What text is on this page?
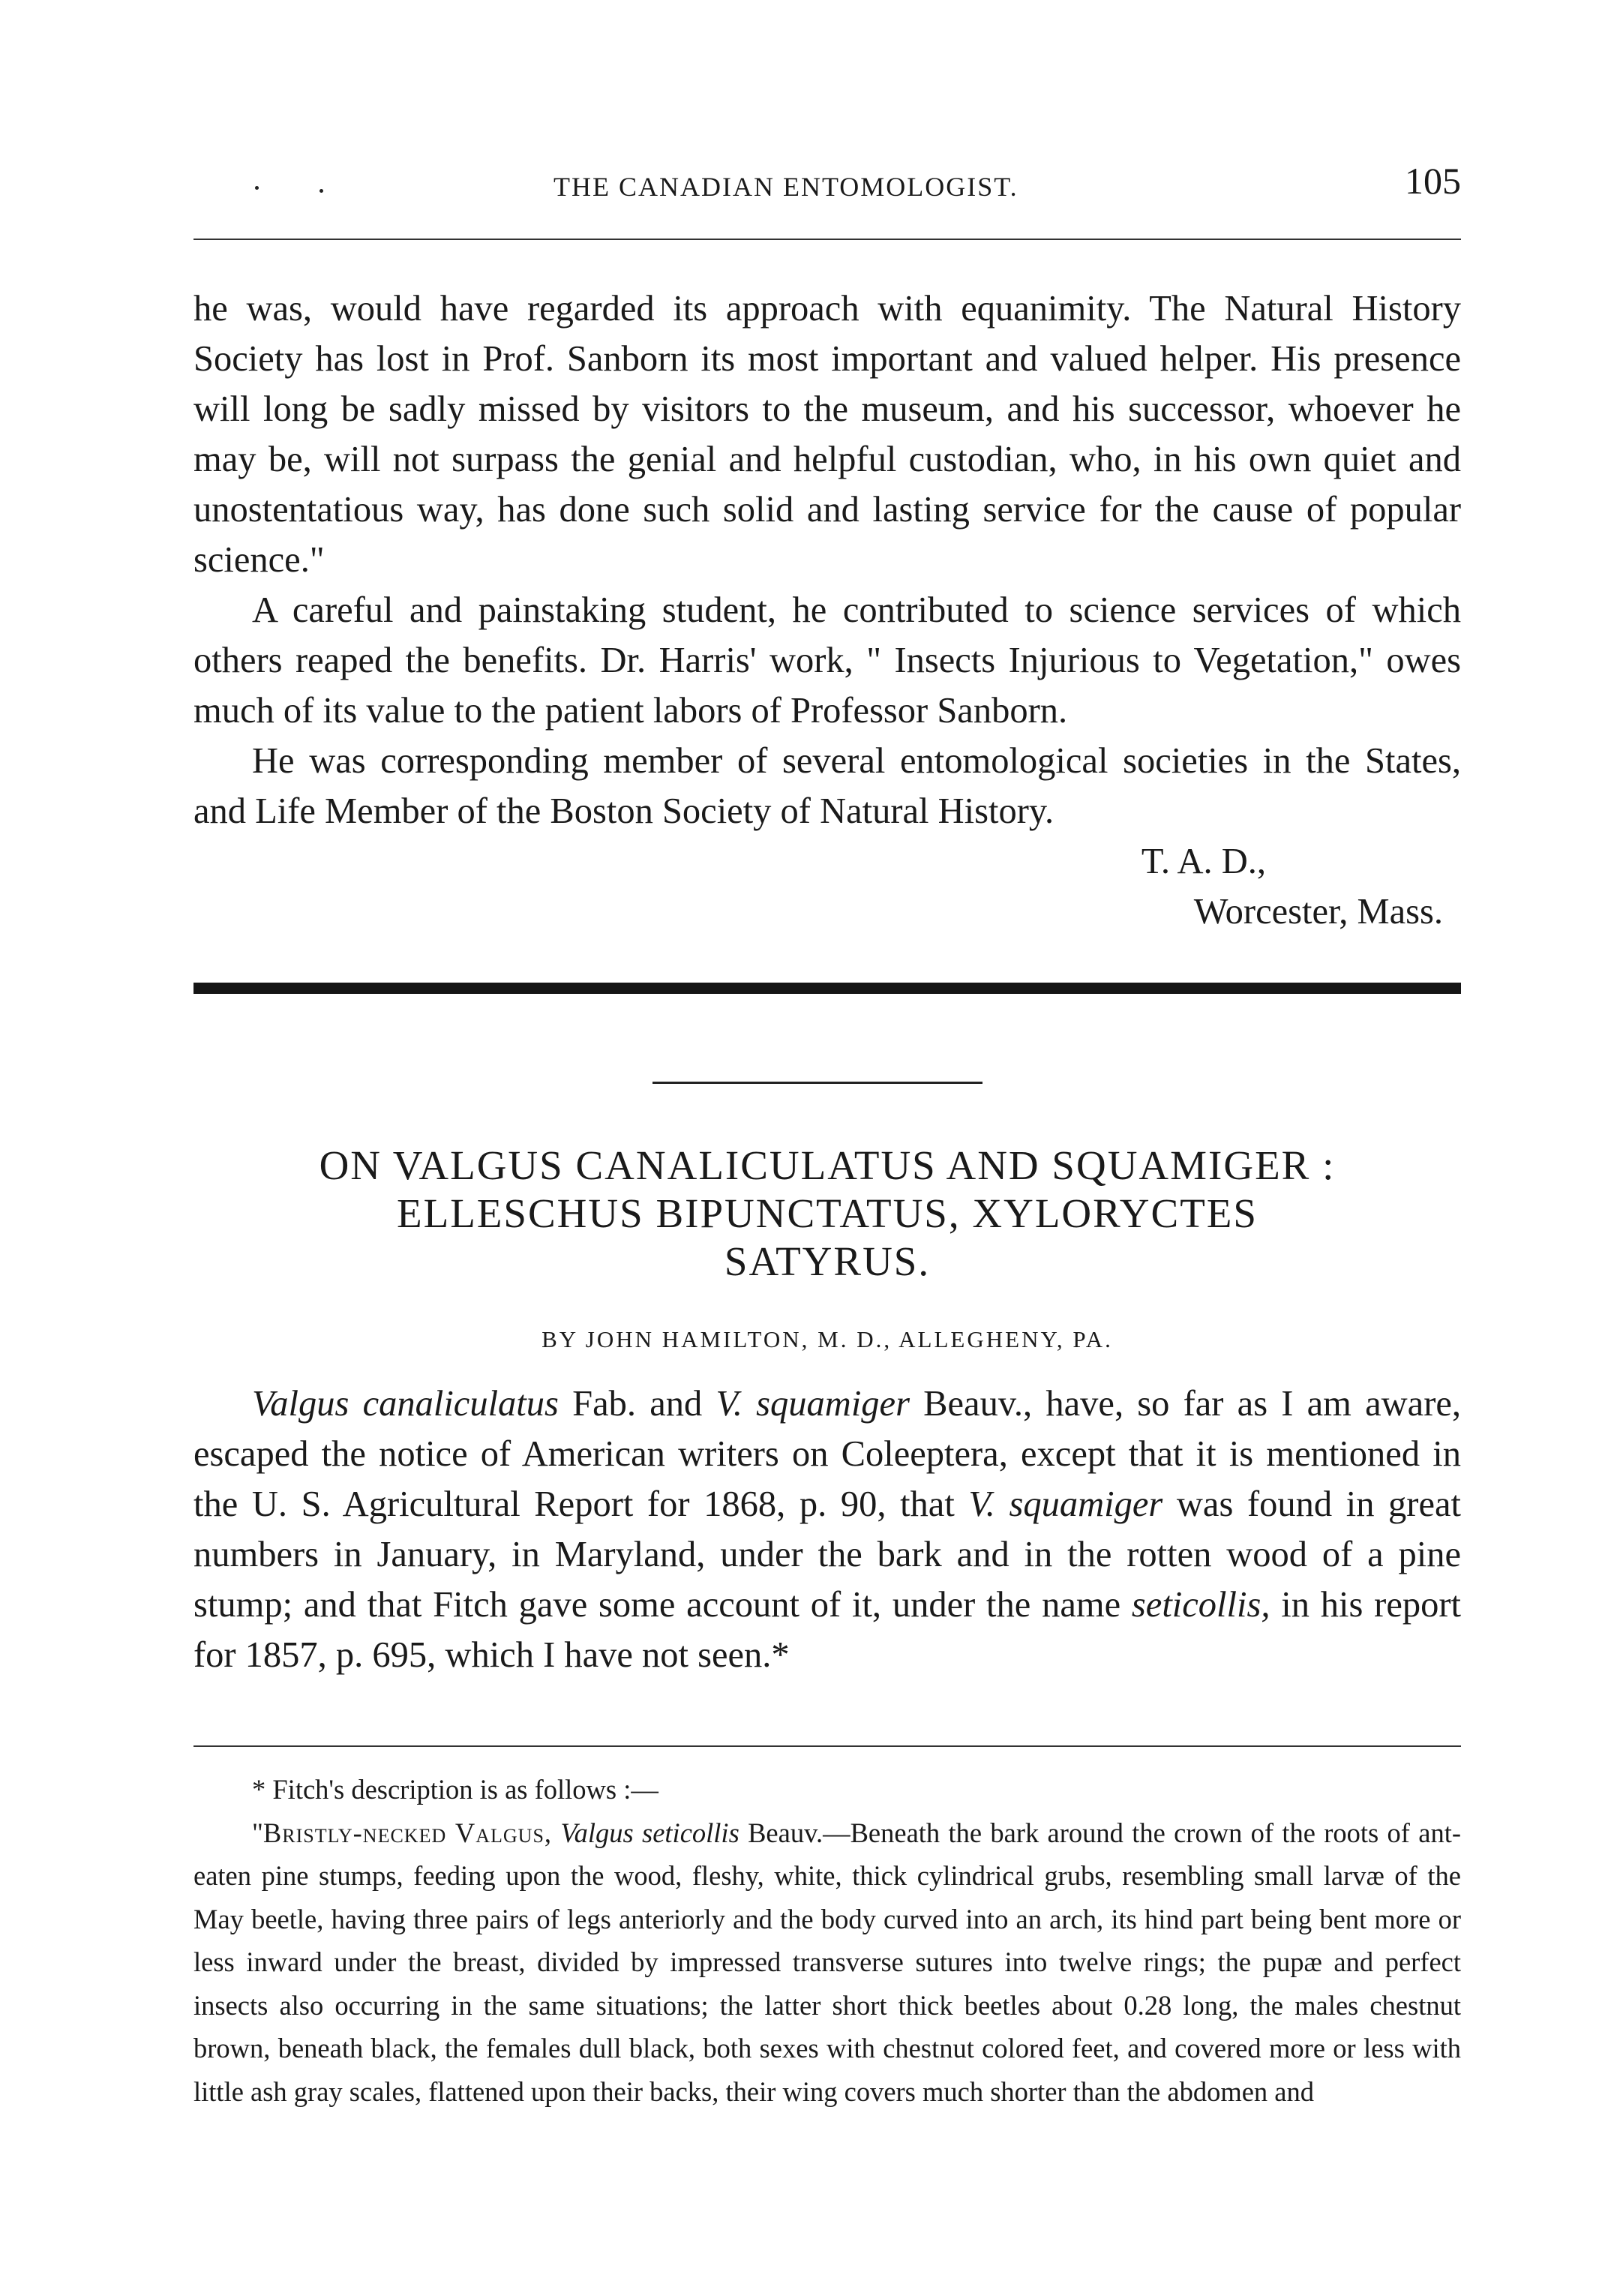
THE CANADIAN ENTOMOLOGIST.	105

he was, would have regarded its approach with equanimity. The Natural History Society has lost in Prof. Sanborn its most important and valued helper. His presence will long be sadly missed by visitors to the museum, and his successor, whoever he may be, will not surpass the genial and helpful custodian, who, in his own quiet and unostentatious way, has done such solid and lasting service for the cause of popular science."

A careful and painstaking student, he contributed to science services of which others reaped the benefits. Dr. Harris' work, " Insects Injurious to Vegetation," owes much of its value to the patient labors of Professor Sanborn.

He was corresponding member of several entomological societies in the States, and Life Member of the Boston Society of Natural History.

T. A. D.,

Worcester, Mass.

ON VALGUS CANALICULATUS AND SQUAMIGER :
ELLESCHUS BIPUNCTATUS, XYLORYCTES
SATYRUS.
BY JOHN HAMILTON, M. D., ALLEGHENY, PA.

Valgus canaliculatus Fab. and V. squamiger Beauv., have, so far as I am aware, escaped the notice of American writers on Coleeptera, except that it is mentioned in the U. S. Agricultural Report for 1868, p. 90, that V. squamiger was found in great numbers in January, in Maryland, under the bark and in the rotten wood of a pine stump; and that Fitch gave some account of it, under the name seticollis, in his report for 1857, p. 695, which I have not seen.*

* Fitch's description is as follows :—

"Bristly-necked Valgus, Valgus seticollis Beauv.—Beneath the bark around the crown of the roots of ant-eaten pine stumps, feeding upon the wood, fleshy, white, thick cylindrical grubs, resembling small larvæ of the May beetle, having three pairs of legs anteriorly and the body curved into an arch, its hind part being bent more or less inward under the breast, divided by impressed transverse sutures into twelve rings; the pupæ and perfect insects also occurring in the same situations; the latter short thick beetles about 0.28 long, the males chestnut brown, beneath black, the females dull black, both sexes with chestnut colored feet, and covered more or less with little ash gray scales, flattened upon their backs, their wing covers much shorter than the abdomen and
